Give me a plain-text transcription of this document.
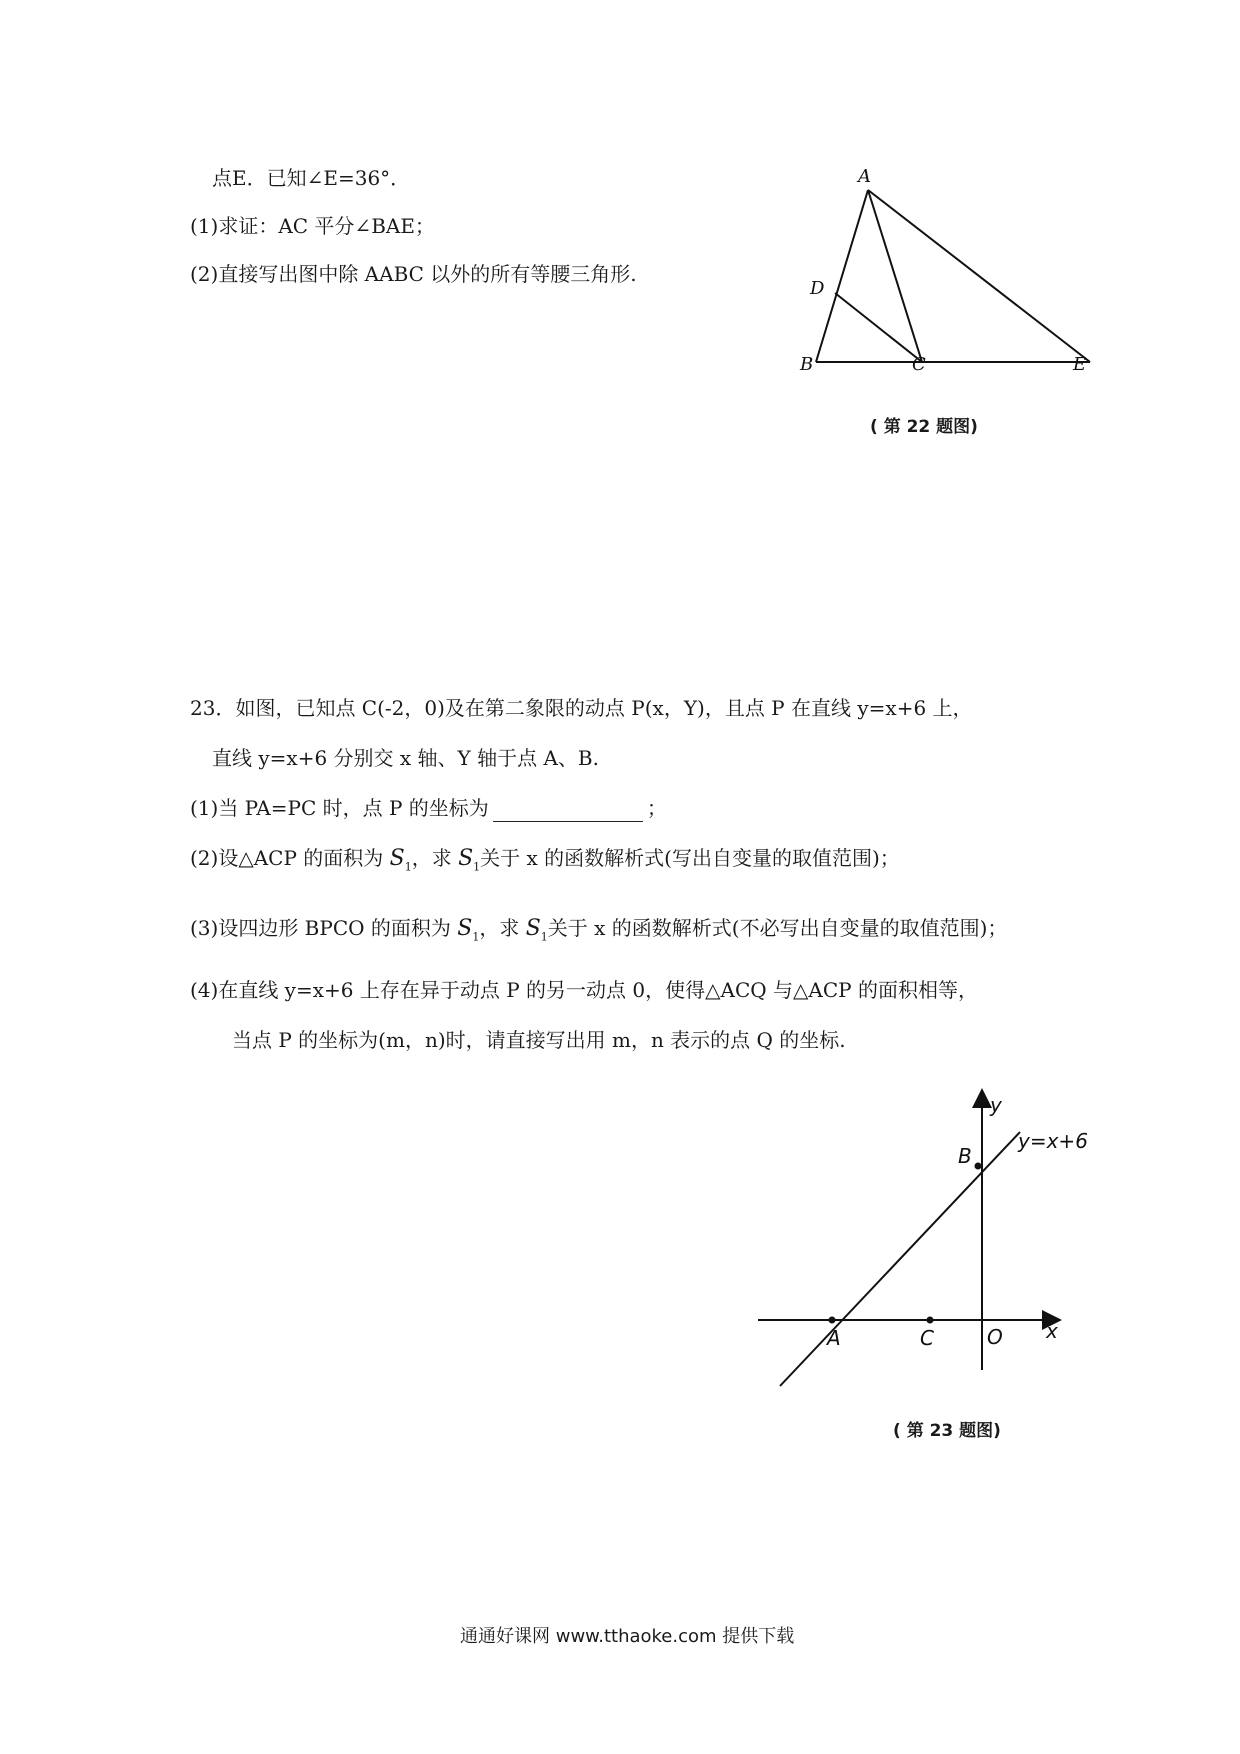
点E．已知∠E=36°．
(1)求证：AC 平分∠BAE；
(2)直接写出图中除 AABC 以外的所有等腰三角形.
A
B	C
D
E
( 第 22 题图)
23．如图，已知点 C(-2，0)及在第二象限的动点 P(x，Y)，且点 P 在直线 y=x+6 上，
直线 y=x+6 分别交 x 轴、Y 轴于点 A、B.
(1)当 PA=PC 时，点 P 的坐标为	；
(2)设△ACP 的面积为 $S_1$，求 $S_1$关于 x 的函数解析式(写出自变量的取值范围)；
(3)设四边形 BPCO 的面积为 $S_1$，求 $S_1$关于 x 的函数解析式(不必写出自变量的取值范围)；
(4)在直线 y=x+6 上存在异于动点 P 的另一动点 0，使得△ACQ 与△ACP 的面积相等，
当点 P 的坐标为(m，n)时，请直接写出用 m，n 表示的点 Q 的坐标.
y
x
O
A	C
B
y=x+6
( 第 23 题图)
通通好课网 www.tthaoke.com 提供下载
